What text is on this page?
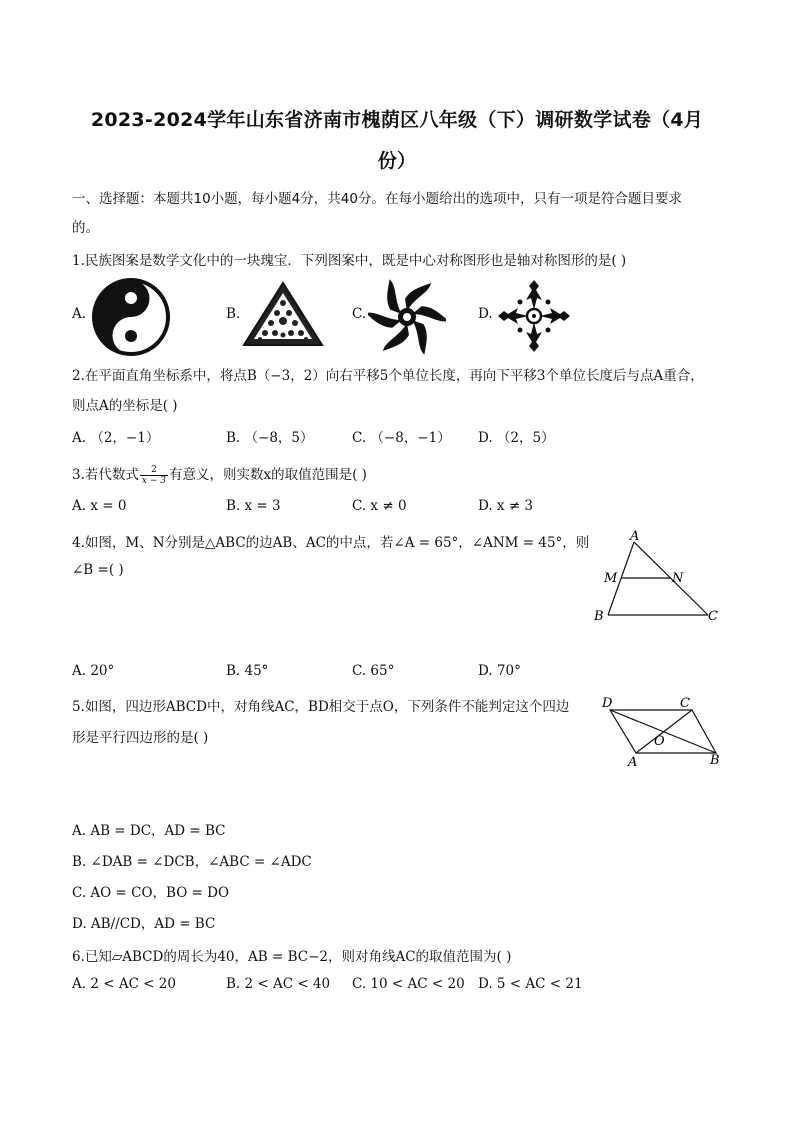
2023-2024学年山东省济南市槐荫区八年级（下）调研数学试卷（4月
份）
一、选择题：本题共10小题，每小题4分，共40分。在每小题给出的选项中，只有一项是符合题目要求
的。
1.民族图案是数学文化中的一块瑰宝．下列图案中，既是中心对称图形也是轴对称图形的是( )
A.	B.	C.	D.
2.在平面直角坐标系中，将点B（−3，2）向右平移5个单位长度，再向下平移3个单位长度后与点A重合，
则点A的坐标是( )
A. （2，−1）	B. （−8，5）	C. （−8，−1） D. （2，5）
3.若代数式 $\frac{2}{x - 3}$ 有意义，则实数x的取值范围是( )
A. x = 0	B. x = 3	C. x ≠ 0	D. x ≠ 3
4.如图，M、N分别是△ABC的边AB、AC的中点，若∠A = 65°，∠ANM = 45°，则
∠B =( )
A
M	N
B	C
A. 20°	B. 45°	C. 65°	D. 70°
5.如图，四边形ABCD中，对角线AC，BD相交于点O，下列条件不能判定这个四边
形是平行四边形的是( )
D	C
O
A	B
A. AB = DC，AD = BC
B. ∠DAB = ∠DCB，∠ABC = ∠ADC
C. AO = CO，BO = DO
D. AB//CD，AD = BC
6.已知▱ABCD的周长为40，AB = BC−2，则对角线AC的取值范围为( )
A. 2 < AC < 20	B. 2 < AC < 40 C. 10 < AC < 20 D. 5 < AC < 21
